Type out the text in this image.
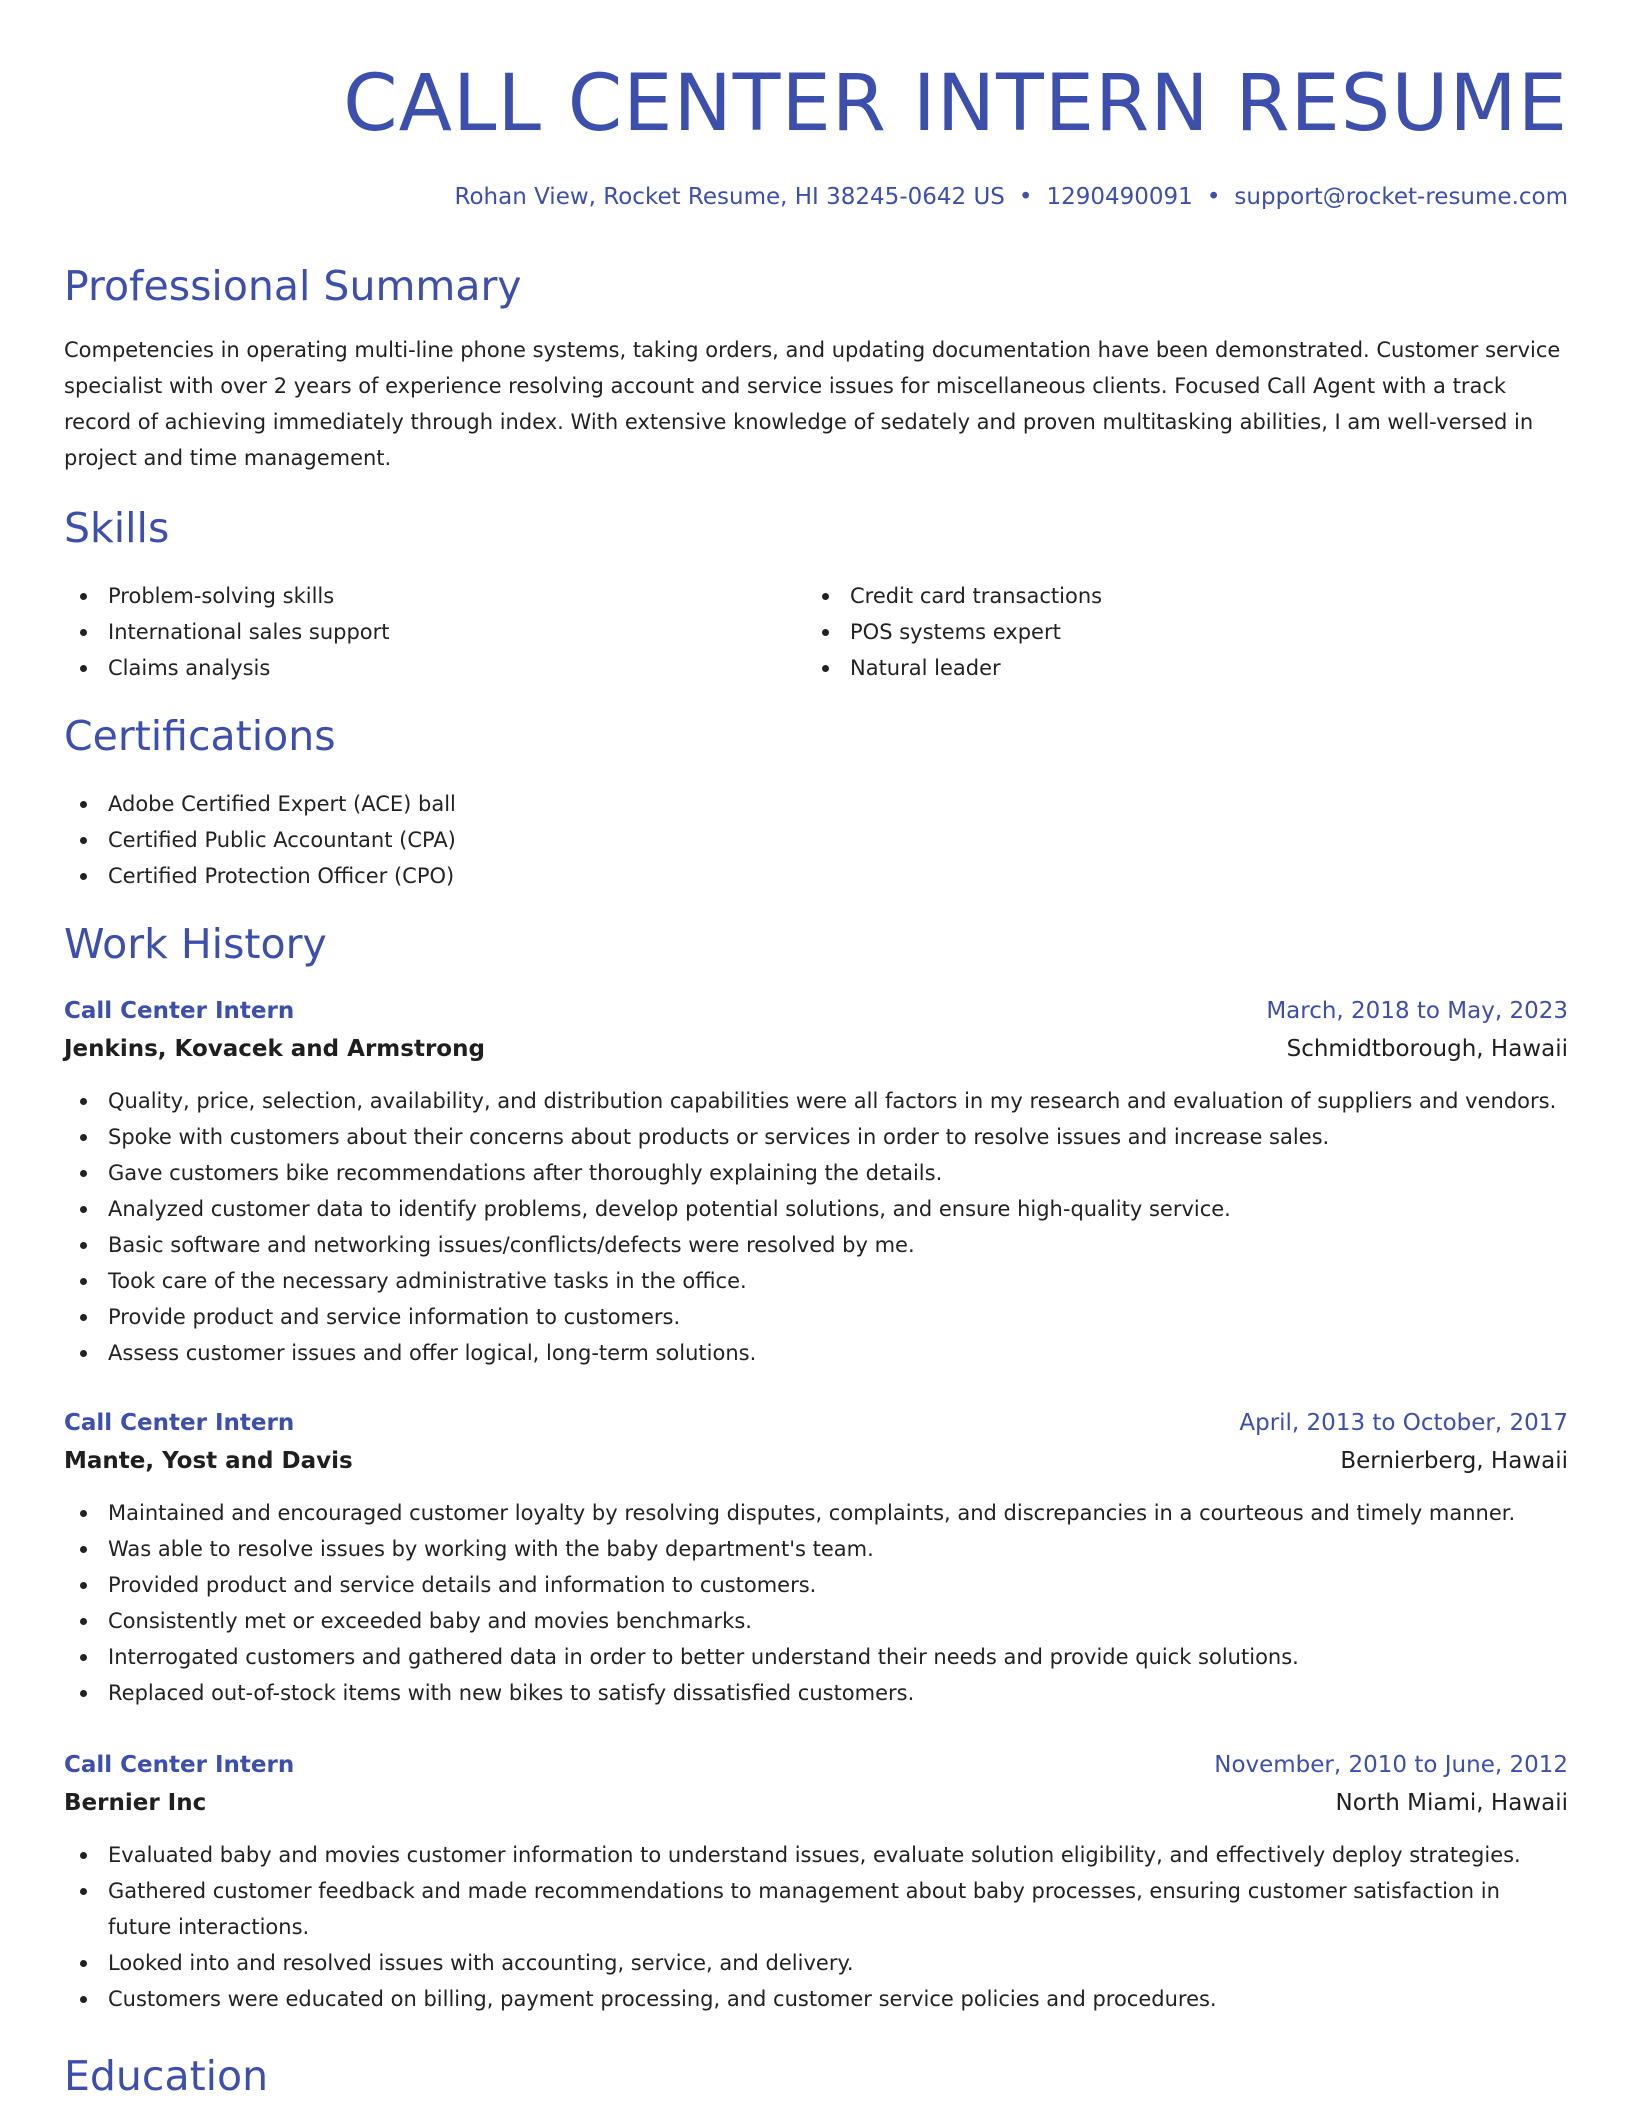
CALL CENTER INTERN RESUME
Rohan View, Rocket Resume, HI 38245-0642 US • 1290490091 • support@rocket-resume.com
Professional Summary

Competencies in operating multi-line phone systems, taking orders, and updating documentation have been demonstrated. Customer service specialist with over 2 years of experience resolving account and service issues for miscellaneous clients. Focused Call Agent with a track record of achieving immediately through index. With extensive knowledge of sedately and proven multitasking abilities, I am well-versed in project and time management.

Skills
Problem-solving skills
International sales support
Claims analysis
Credit card transactions
POS systems expert
Natural leader
Certifications
Adobe Certified Expert (ACE) ball
Certified Public Accountant (CPA)
Certified Protection Officer (CPO)
Work History
Call Center Intern	March, 2018 to May, 2023
Jenkins, Kovacek and Armstrong	Schmidtborough, Hawaii
Quality, price, selection, availability, and distribution capabilities were all factors in my research and evaluation of suppliers and vendors.
Spoke with customers about their concerns about products or services in order to resolve issues and increase sales.
Gave customers bike recommendations after thoroughly explaining the details.
Analyzed customer data to identify problems, develop potential solutions, and ensure high-quality service.
Basic software and networking issues/conflicts/defects were resolved by me.
Took care of the necessary administrative tasks in the office.
Provide product and service information to customers.
Assess customer issues and offer logical, long-term solutions.
Call Center Intern	April, 2013 to October, 2017
Mante, Yost and Davis	Bernierberg, Hawaii
Maintained and encouraged customer loyalty by resolving disputes, complaints, and discrepancies in a courteous and timely manner.
Was able to resolve issues by working with the baby department's team.
Provided product and service details and information to customers.
Consistently met or exceeded baby and movies benchmarks.
Interrogated customers and gathered data in order to better understand their needs and provide quick solutions.
Replaced out-of-stock items with new bikes to satisfy dissatisfied customers.
Call Center Intern	November, 2010 to June, 2012
Bernier Inc	North Miami, Hawaii
Evaluated baby and movies customer information to understand issues, evaluate solution eligibility, and effectively deploy strategies.
Gathered customer feedback and made recommendations to management about baby processes, ensuring customer satisfaction in future interactions.
Looked into and resolved issues with accounting, service, and delivery.
Customers were educated on billing, payment processing, and customer service policies and procedures.
Education
